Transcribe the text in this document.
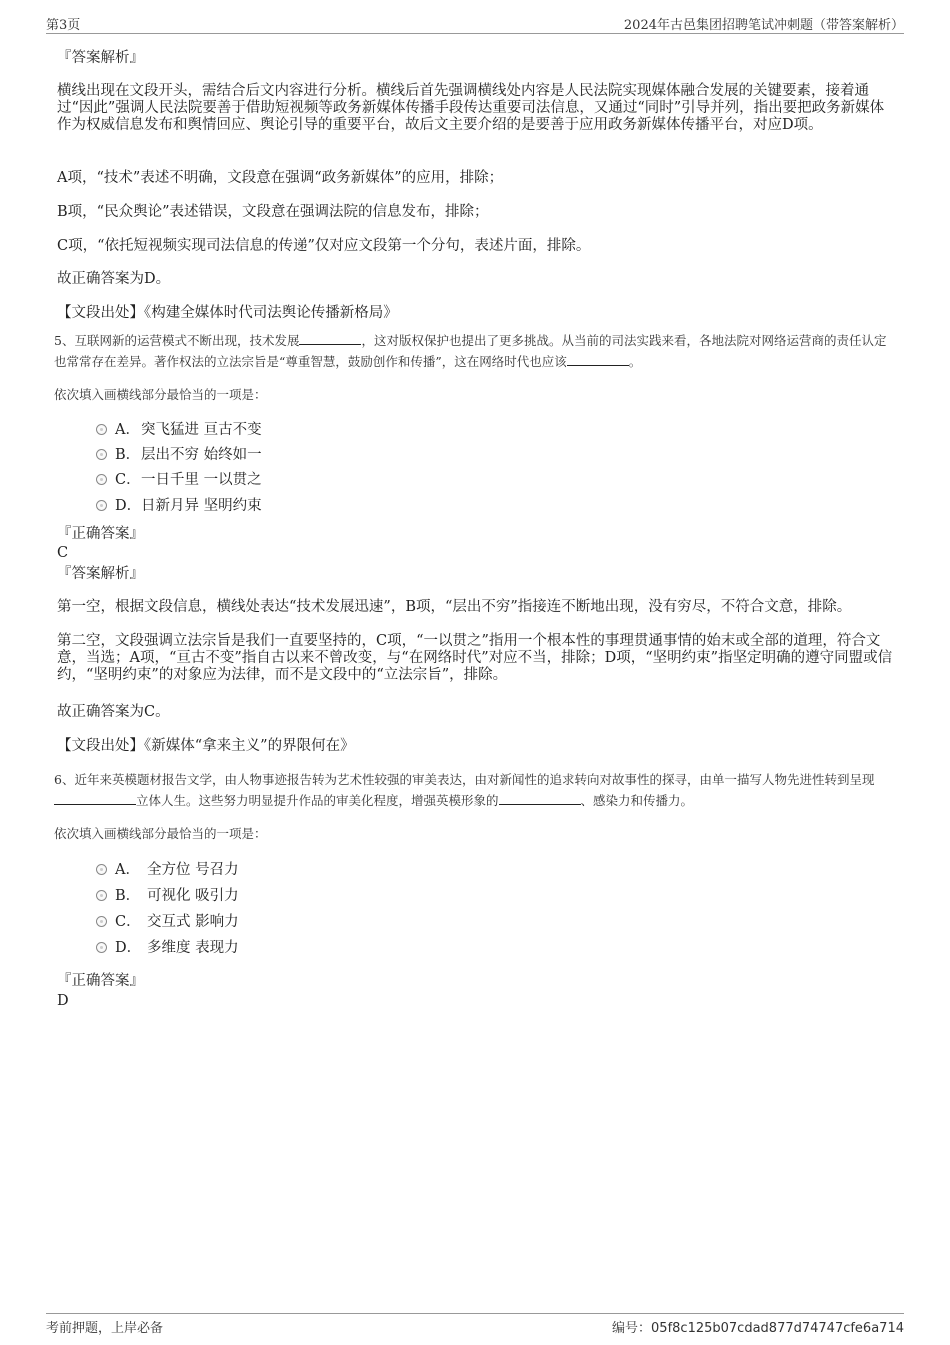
第3页	2024年古邑集团招聘笔试冲刺题（带答案解析）
『答案解析』
横线出现在文段开头，需结合后文内容进行分析。横线后首先强调横线处内容是人民法院实现媒体融合发展的关键要素，接着通过“因此”强调人民法院要善于借助短视频等政务新媒体传播手段传达重要司法信息，又通过“同时”引导并列，指出要把政务新媒体作为权威信息发布和舆情回应、舆论引导的重要平台，故后文主要介绍的是要善于应用政务新媒体传播平台，对应D项。
A项，“技术”表述不明确，文段意在强调“政务新媒体”的应用，排除；
B项，“民众舆论”表述错误，文段意在强调法院的信息发布，排除；
C项，“依托短视频实现司法信息的传递”仅对应文段第一个分句，表述片面，排除。
故正确答案为D。
【文段出处】《构建全媒体时代司法舆论传播新格局》
5、互联网新的运营模式不断出现，技术发展	，这对版权保护也提出了更多挑战。从当前的司法实践来看，各地法院对网络运营商的责任认定也常常存在差异。著作权法的立法宗旨是“尊重智慧，鼓励创作和传播”，这在网络时代也应该	。
依次填入画横线部分最恰当的一项是：
A．突飞猛进 亘古不变
B．层出不穷 始终如一
C．一日千里 一以贯之
D．日新月异 坚明约束
『正确答案』
C
『答案解析』
第一空，根据文段信息，横线处表达“技术发展迅速”，B项，“层出不穷”指接连不断地出现，没有穷尽，不符合文意，排除。
第二空，文段强调立法宗旨是我们一直要坚持的，C项，“一以贯之”指用一个根本性的事理贯通事情的始末或全部的道理，符合文意，当选；A项，“亘古不变”指自古以来不曾改变，与“在网络时代”对应不当，排除；D项，“坚明约束”指坚定明确的遵守同盟或信约，“坚明约束”的对象应为法律，而不是文段中的“立法宗旨”，排除。
故正确答案为C。
【文段出处】《新媒体“拿来主义”的界限何在》
6、近年来英模题材报告文学，由人物事迹报告转为艺术性较强的审美表达，由对新闻性的追求转向对故事性的探寻，由单一描写人物先进性转到呈现立体人生。这些努力明显提升作品的审美化程度，增强英模形象的	、感染力和传播力。
依次填入画横线部分最恰当的一项是：
A． 全方位 号召力
B． 可视化 吸引力
C． 交互式 影响力
D． 多维度 表现力
『正确答案』
D
考前押题，上岸必备	编号：05f8c125b07cdad877d74747cfe6a714
